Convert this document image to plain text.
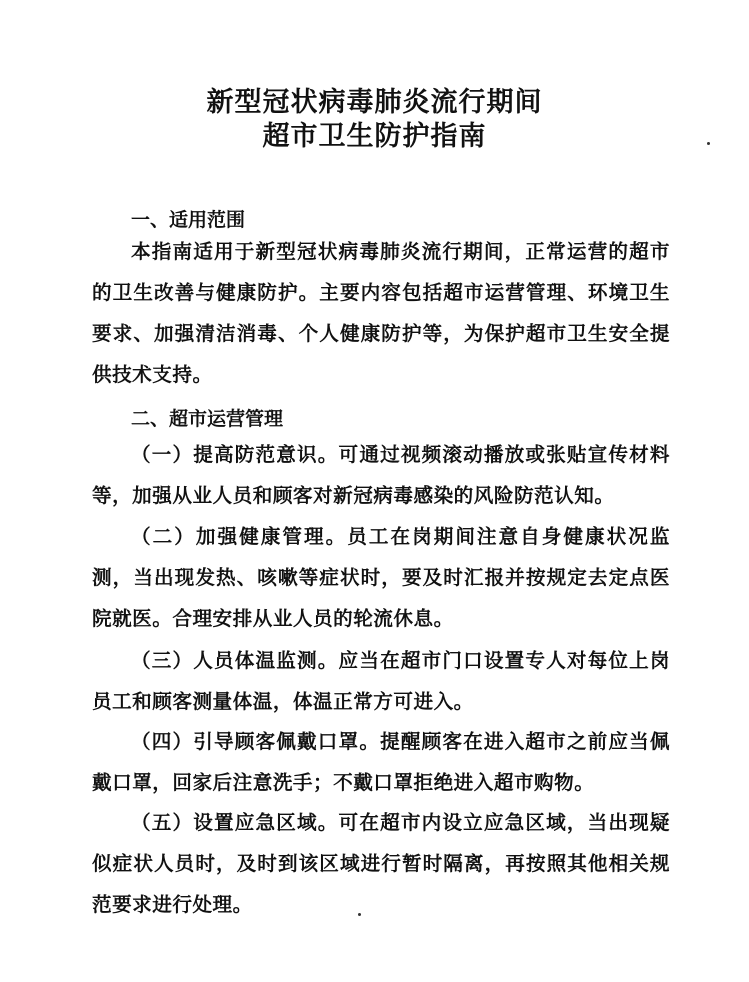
新型冠状病毒肺炎流行期间
超市卫生防护指南
一、适用范围
本指南适用于新型冠状病毒肺炎流行期间，正常运营的超市的卫生改善与健康防护。主要内容包括超市运营管理、环境卫生要求、加强清洁消毒、个人健康防护等，为保护超市卫生安全提供技术支持。
二、超市运营管理
（一）提高防范意识。可通过视频滚动播放或张贴宣传材料等，加强从业人员和顾客对新冠病毒感染的风险防范认知。
（二）加强健康管理。员工在岗期间注意自身健康状况监测，当出现发热、咳嗽等症状时，要及时汇报并按规定去定点医院就医。合理安排从业人员的轮流休息。
（三）人员体温监测。应当在超市门口设置专人对每位上岗员工和顾客测量体温，体温正常方可进入。
（四）引导顾客佩戴口罩。提醒顾客在进入超市之前应当佩戴口罩，回家后注意洗手；不戴口罩拒绝进入超市购物。
（五）设置应急区域。可在超市内设立应急区域，当出现疑似症状人员时，及时到该区域进行暂时隔离，再按照其他相关规范要求进行处理。
